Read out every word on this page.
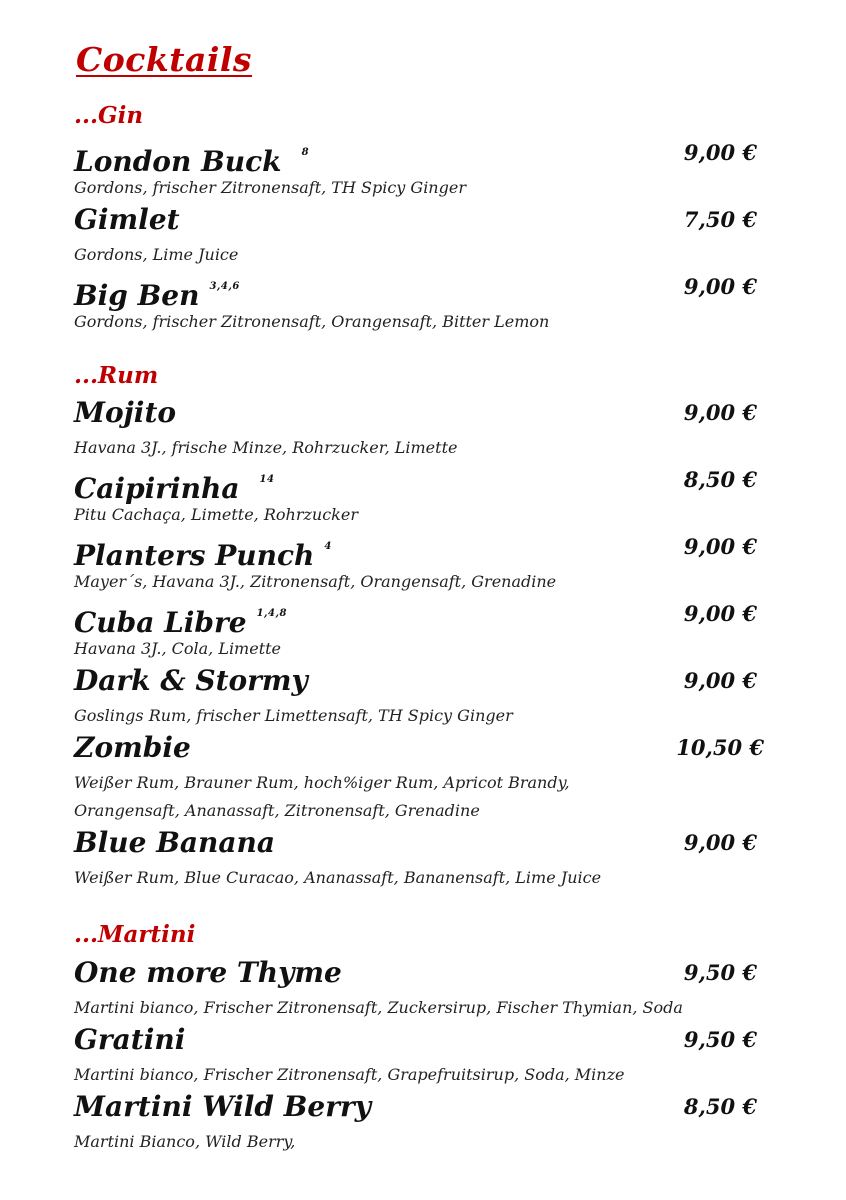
Cocktails
...Gin
London Buck $^8$	9,00 €
Gordons, frischer Zitronensaft, TH Spicy Ginger
Gimlet	7,50 €
Gordons, Lime Juice
Big Ben $^{3,4,6}$	9,00 €
Gordons, frischer Zitronensaft, Orangensaft, Bitter Lemon
...Rum
Mojito	9,00 €
Havana 3J., frische Minze, Rohrzucker, Limette
Caipirinha $^{14}$	8,50 €
Pitu Cachaça, Limette, Rohrzucker
Planters Punch $^4$	9,00 €
Mayer´s, Havana 3J., Zitronensaft, Orangensaft, Grenadine
Cuba Libre $^{1,4,8}$	9,00 €
Havana 3J., Cola, Limette
Dark & Stormy	9,00 €
Goslings Rum, frischer Limettensaft, TH Spicy Ginger
Zombie	10,50 €
Weißer Rum, Brauner Rum, hoch%iger Rum, Apricot Brandy,
Orangensaft, Ananassaft, Zitronensaft, Grenadine
Blue Banana	9,00 €
Weißer Rum, Blue Curacao, Ananassaft, Bananensaft, Lime Juice
...Martini
One more Thyme	9,50 €
Martini bianco, Frischer Zitronensaft, Zuckersirup, Fischer Thymian, Soda
Gratini	9,50 €
Martini bianco, Frischer Zitronensaft, Grapefruitsirup, Soda, Minze
Martini Wild Berry	8,50 €
Martini Bianco, Wild Berry,
